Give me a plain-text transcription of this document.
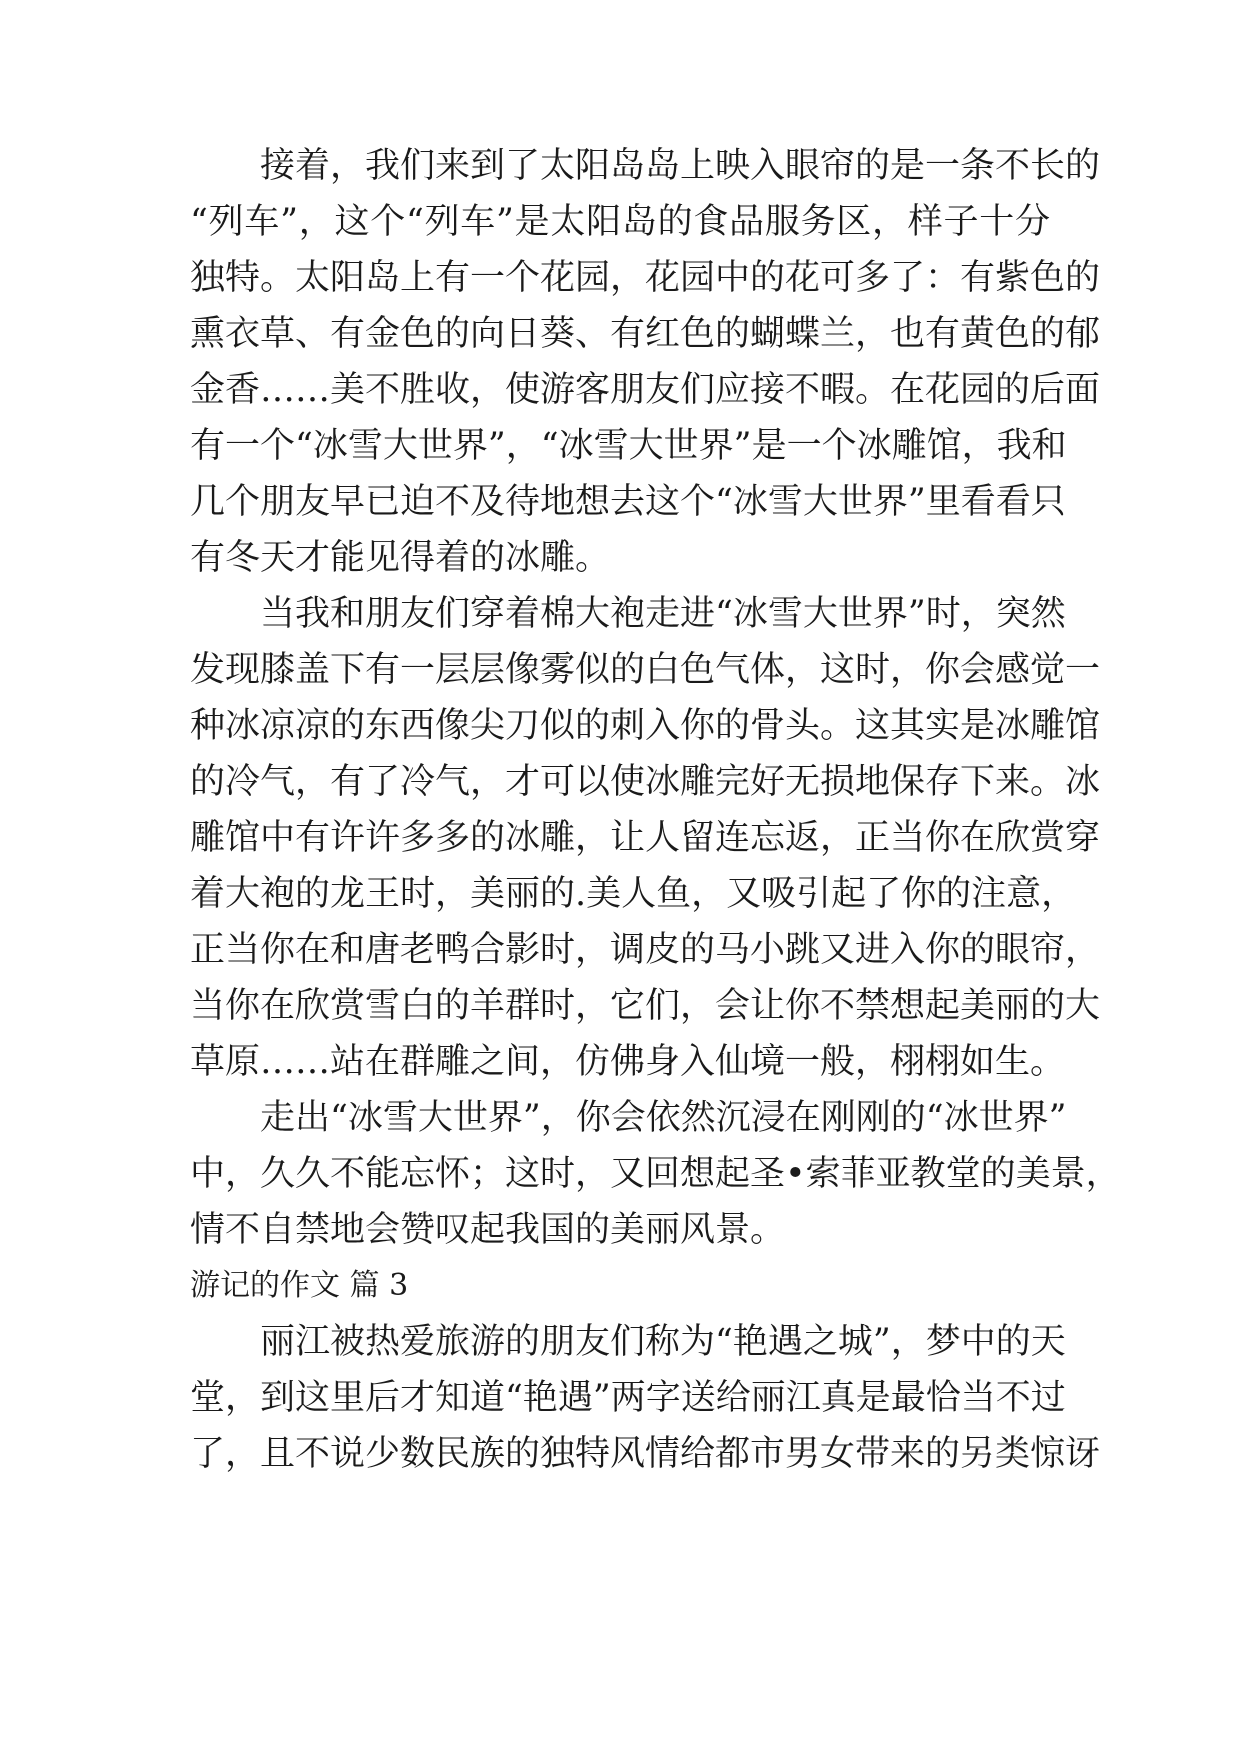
接着，我们来到了太阳岛岛上映入眼帘的是一条不长的

“列车”，这个“列车”是太阳岛的食品服务区，样子十分

独特。太阳岛上有一个花园，花园中的花可多了：有紫色的

熏衣草、有金色的向日葵、有红色的蝴蝶兰，也有黄色的郁

金香……美不胜收，使游客朋友们应接不暇。在花园的后面

有一个“冰雪大世界”，“冰雪大世界”是一个冰雕馆，我和

几个朋友早已迫不及待地想去这个“冰雪大世界”里看看只

有冬天才能见得着的冰雕。

当我和朋友们穿着棉大袍走进“冰雪大世界”时，突然

发现膝盖下有一层层像雾似的白色气体，这时，你会感觉一

种冰凉凉的东西像尖刀似的刺入你的骨头。这其实是冰雕馆

的冷气，有了冷气，才可以使冰雕完好无损地保存下来。冰

雕馆中有许许多多的冰雕，让人留连忘返，正当你在欣赏穿

着大袍的龙王时，美丽的.美人鱼，又吸引起了你的注意，

正当你在和唐老鸭合影时，调皮的马小跳又进入你的眼帘，

当你在欣赏雪白的羊群时，它们，会让你不禁想起美丽的大

草原……站在群雕之间，仿佛身入仙境一般，栩栩如生。

走出“冰雪大世界”，你会依然沉浸在刚刚的“冰世界”

中，久久不能忘怀；这时，又回想起圣•索菲亚教堂的美景，

情不自禁地会赞叹起我国的美丽风景。

游记的作文 篇 3

丽江被热爱旅游的朋友们称为“艳遇之城”，梦中的天

堂，到这里后才知道“艳遇”两字送给丽江真是最恰当不过

了，且不说少数民族的独特风情给都市男女带来的另类惊讶
